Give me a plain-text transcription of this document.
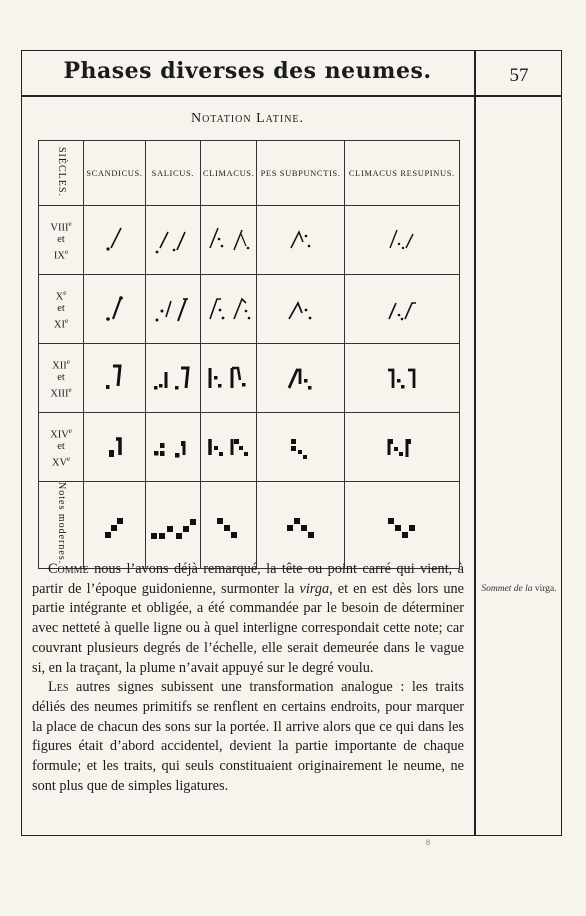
Phases diverses des neumes.	57
Notation Latine.
SIÈCLES.	SCANDICUS.	SALICUS.	CLIMACUS.	PES SUBPUNCTIS.	CLIMACUS RESUPINUS.
VIIIe
et
IXe	

Xe
et
XIe	

XIIe
et
XIIIe	

XIVe
et
XVe	

Notes modernes.	

Comme nous l’avons déjà remarqué, la tête ou point carré qui vient, à partir de l’époque guidonienne, surmonter la virga, et en est dès lors une partie intégrante et obligée, a été commandée par le besoin de déterminer avec netteté à quelle ligne ou à quel interligne correspondait cette note; car couvrant plusieurs degrés de l’échelle, elle serait demeurée dans le vague si, en la traçant, la plume n’avait appuyé sur le degré voulu.

Les autres signes subissent une transformation analogue : les traits déliés des neumes primitifs se renflent en certains endroits, pour marquer la place de chacun des sons sur la portée. Il arrive alors que ce qui dans les figures était d’abord accidentel, devient la partie importante de chaque formule; et les traits, qui seuls constituaient originairement le neume, ne sont plus que de simples ligatures.

Sommet de la virga.
8
